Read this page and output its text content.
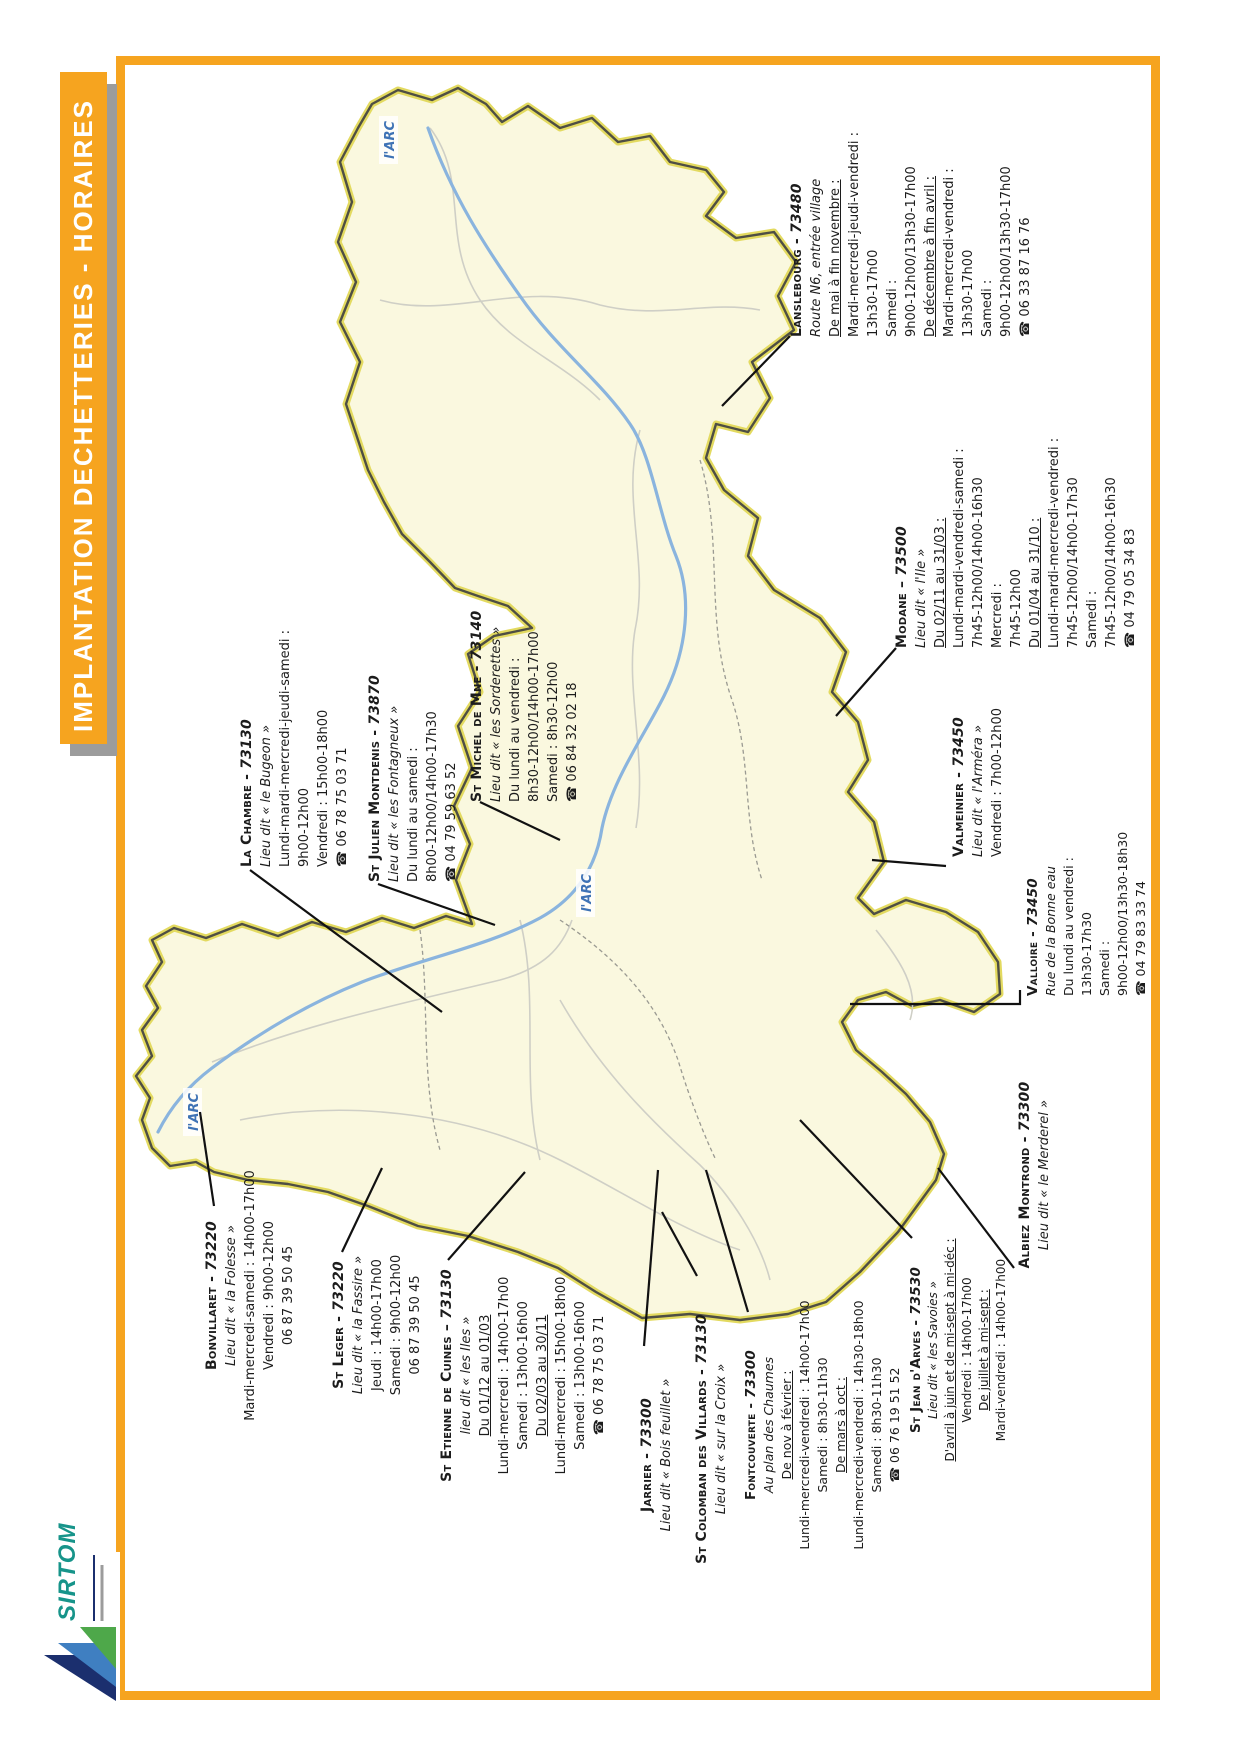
IMPLANTATION DECHETTERIES - HORAIRES	l'ARC
l'ARC
l'ARC
Lanslebourg - 73480 Route N6, entrée village De mai à fin novembre : Mardi-mercredi-jeudi-vendredi : 13h30-17h00 Samedi : 9h00-12h00/13h30-17h00 De décembre à fin avril : Mardi-mercredi-vendredi : 13h30-17h00 Samedi : 9h00-12h00/13h30-17h00 ☎ 06 33 87 16 76
Modane – 73500 Lieu dit « l'Ile » Du 02/11 au 31/03 : Lundi-mardi-vendredi-samedi : 7h45-12h00/14h00-16h30 Mercredi : 7h45-12h00 Du 01/04 au 31/10 : Lundi-mardi-mercredi-vendredi : 7h45-12h00/14h00-17h30 Samedi : 7h45-12h00/14h00-16h30 ☎ 04 79 05 34 83
Valmeinier - 73450 Lieu dit « l'Arméra » Vendredi : 7h00-12h00
Valloire - 73450 Rue de la Bonne eau Du lundi au vendredi : 13h30-17h30 Samedi : 9h00-12h00/13h30-18h30 ☎ 04 79 83 33 74
La Chambre - 73130 Lieu dit « le Bugeon » Lundi-mardi-mercredi-jeudi-samedi : 9h00-12h00 Vendredi : 15h00-18h00 ☎ 06 78 75 03 71 St Julien Montdenis - 73870
Lieu dit « les Fontagneux » Du lundi au samedi : 8h00-12h00/14h00-17h30 ☎ 04 79 59 63 52
St Michel de Mne - 73140 Lieu dit « les Sorderettes » Du lundi au vendredi : 8h30-12h00/14h00-17h00 Samedi : 8h30-12h00 ☎ 06 84 32 02 18
Bonvillaret - 73220 Lieu dit « la Folesse » Mardi-mercredi-samedi : 14h00-17h00 Vendredi : 9h00-12h00 06 87 39 50 45
St Leger - 73220 Lieu dit « la Fassire » Jeudi : 14h00-17h00 Samedi : 9h00-12h00 06 87 39 50 45 St Etienne de Cuines – 73130
lieu dit « les Iles » Du 01/12 au 01/03 Lundi-mercredi : 14h00-17h00 Samedi : 13h00-16h00 Du 02/03 au 30/11 Lundi-mercredi : 15h00-18h00 Samedi : 13h00-16h00 ☎ 06 78 75 03 71
Jarrier - 73300 Lieu dit « Bois feuillet » St Colomban des Villards - 73130
Lieu dit « sur la Croix » Fontcouverte - 73300 Au plan des Chaumes De nov à février : Lundi-mercredi-vendredi : 14h00-17h00 Samedi : 8h30-11h30 De mars à oct : Lundi-mercredi-vendredi : 14h30-18h00 Samedi : 8h30-11h30 ☎ 06 76 19 51 52 St Jean d'Arves - 73530 Lieu dit « les Savoies » D'avril à juin et de mi-sept à mi-déc : Vendredi : 14h00-17h00 De juillet à mi-sept : Mardi-vendredi : 14h00-17h00
Albiez Montrond - 73300 Lieu dit « le Merderel »
SIRTOM
